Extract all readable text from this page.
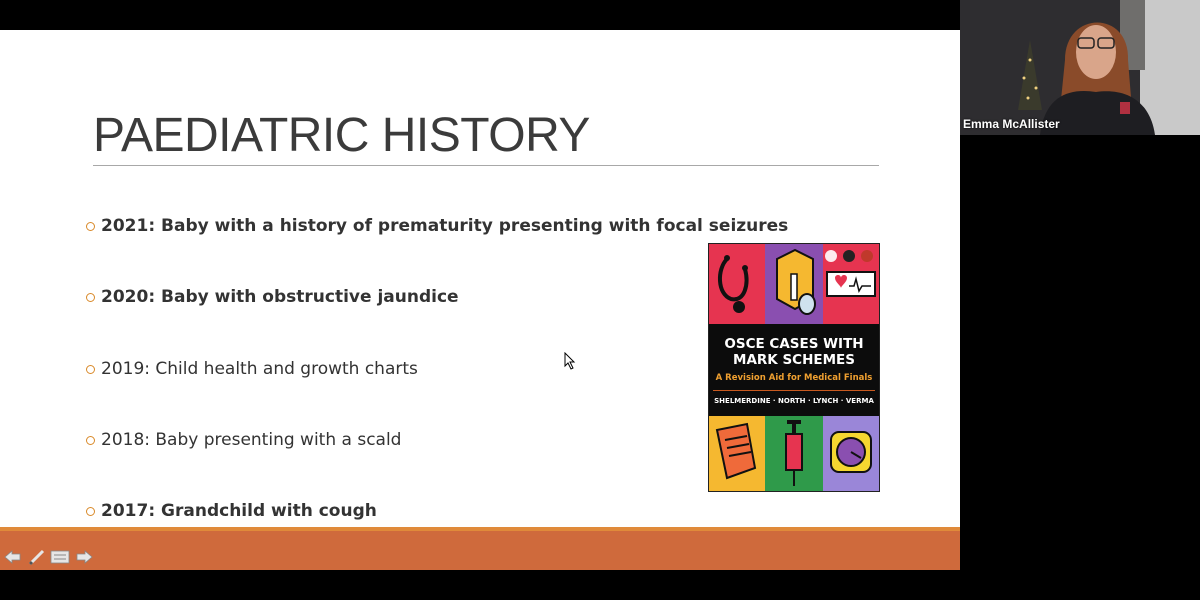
PAEDIATRIC HISTORY
2021: Baby with a history of prematurity presenting with focal seizures
2020: Baby with obstructive jaundice
2019: Child health and growth charts
2018: Baby presenting with a scald
2017: Grandchild with cough
OSCE CASES WITH MARK SCHEMES
A Revision Aid for Medical Finals
SHELMERDINE · NORTH · LYNCH · VERMA
Emma McAllister
